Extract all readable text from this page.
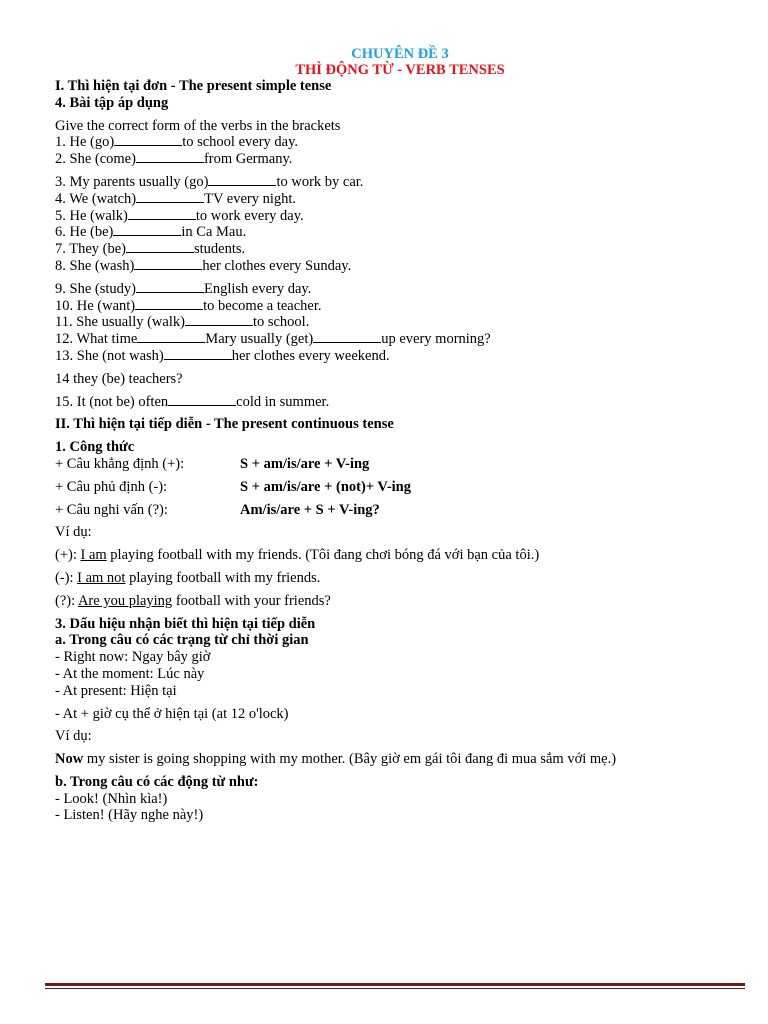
CHUYÊN ĐỀ 3
THÌ ĐỘNG TỪ - VERB TENSES
I. Thì hiện tại đơn - The present simple tense
4. Bài tập áp dụng
Give the correct form of the verbs in the brackets
1. He (go)	to school every day.
2. She (come)	from Germany.
3. My parents usually (go)	to work by car.
4. We (watch)	TV every night.
5. He (walk)	to work every day.
6. He (be)	in Ca Mau.
7. They (be)	students.
8. She (wash)	her clothes every Sunday.
9. She (study)	English every day.
10. He (want)	to become a teacher.
11. She usually (walk)	to school.
12. What time	Mary usually (get)	up every morning?
13. She (not wash)	her clothes every weekend.
14 they (be) teachers?
15. It (not be) often	cold in summer.
II. Thì hiện tại tiếp diễn - The present continuous tense
1. Công thức
+ Câu khẳng định (+):	S + am/is/are + V-ing
+ Câu phủ định (-):	S + am/is/are + (not)+ V-ing
+ Câu nghi vấn (?):	Am/is/are + S + V-ing?
Ví dụ:
(+): I am playing football with my friends. (Tôi đang chơi bóng đá với bạn của tôi.)
(-): I am not playing football with my friends.
(?): Are you playing football with your friends?
3. Dấu hiệu nhận biết thì hiện tại tiếp diễn
a. Trong câu có các trạng từ chỉ thời gian
- Right now: Ngay bây giờ
- At the moment: Lúc này
- At present: Hiện tại
- At + giờ cụ thể ở hiện tại (at 12 o'lock)
Ví dụ:
Now my sister is going shopping with my mother. (Bây giờ em gái tôi đang đi mua sắm với mẹ.)
b. Trong câu có các động từ như:
- Look! (Nhìn kìa!)
- Listen! (Hãy nghe này!)
